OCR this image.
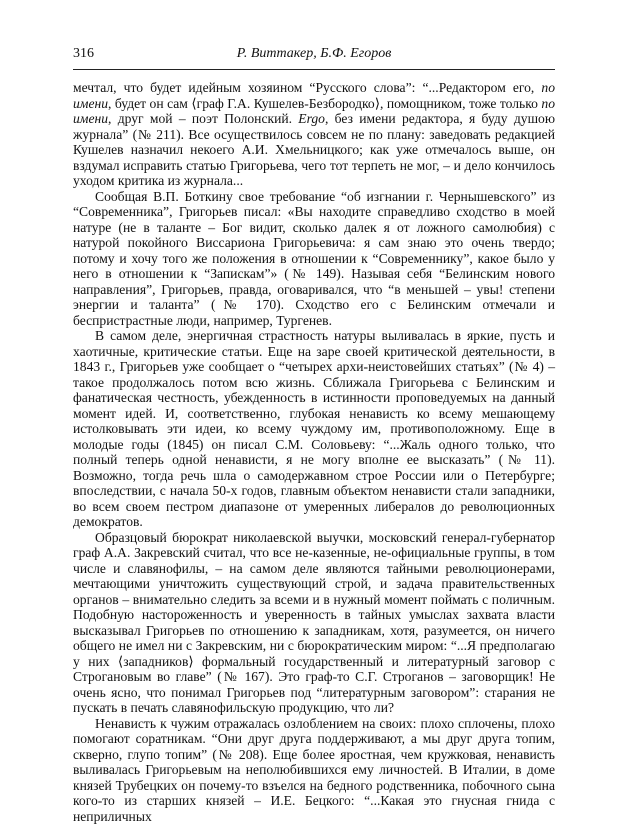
316	Р. Виттакер, Б.Ф. Егоров

мечтал, что будет идейным хозяином “Русского слова”: “...Редактором его, по имени, будет он сам ⟨граф Г.А. Кушелев-Безбородко⟩, помощником, тоже только по имени, друг мой – поэт Полонский. Ergo, без имени редактора, я буду душою журнала” (№ 211). Все осуществилось совсем не по плану: заведовать редакцией Кушелев назначил некоего А.И. Хмельницкого; как уже отмечалось выше, он вздумал исправить статью Григорьева, чего тот терпеть не мог, – и дело кончилось уходом критика из журнала...

Сообщая В.П. Боткину свое требование “об изгнании г. Чернышевского” из “Современника”, Григорьев писал: «Вы находите справедливо сходство в моей натуре (не в таланте – Бог видит, сколько далек я от ложного самолюбия) с натурой покойного Виссариона Григорьевича: я сам знаю это очень твердо; потому и хочу того же положения в отношении к “Современнику”, какое было у него в отношении к “Запискам”» (№ 149). Называя себя “Белинским нового направления”, Григорьев, правда, оговаривался, что “в меньшей – увы! степени энергии и таланта” (№ 170). Сходство его с Белинским отмечали и беспристрастные люди, например, Тургенев.

В самом деле, энергичная страстность натуры выливалась в яркие, пусть и хаотичные, критические статьи. Еще на заре своей критической деятельности, в 1843 г., Григорьев уже сообщает о “четырех архи-неистовейших статьях” (№ 4) – такое продолжалось потом всю жизнь. Сближала Григорьева с Белинским и фанатическая честность, убежденность в истинности проповедуемых на данный момент идей. И, соответственно, глубокая ненависть ко всему мешающему истолковывать эти идеи, ко всему чуждому им, противоположному. Еще в молодые годы (1845) он писал С.М. Соловьеву: “...Жаль одного только, что полный теперь одной ненависти, я не могу вполне ее высказать” (№ 11). Возможно, тогда речь шла о самодержавном строе России или о Петербурге; впоследствии, с начала 50-х годов, главным объектом ненависти стали западники, во всем своем пестром диапазоне от умеренных либералов до революционных демократов.

Образцовый бюрократ николаевской выучки, московский генерал-губернатор граф А.А. Закревский считал, что все не-казенные, не-официальные группы, в том числе и славянофилы, – на самом деле являются тайными революционерами, мечтающими уничтожить существующий строй, и задача правительственных органов – внимательно следить за всеми и в нужный момент поймать с поличным. Подобную настороженность и уверенность в тайных умыслах захвата власти высказывал Григорьев по отношению к западникам, хотя, разумеется, он ничего общего не имел ни с Закревским, ни с бюрократическим миром: “...Я предполагаю у них ⟨западников⟩ формальный государственный и литературный заговор с Строгановым во главе” (№ 167). Это граф-то С.Г. Строганов – заговорщик! Не очень ясно, что понимал Григорьев под “литературным заговором”: старания не пускать в печать славянофильскую продукцию, что ли?

Ненависть к чужим отражалась озлоблением на своих: плохо сплочены, плохо помогают соратникам. “Они друг друга поддерживают, а мы друг друга топим, скверно, глупо топим” (№ 208). Еще более яростная, чем кружковая, ненависть выливалась Григорьевым на неполюбившихся ему личностей. В Италии, в доме князей Трубецких он почему-то взъелся на бедного родственника, побочного сына кого-то из старших князей – И.Е. Бецкого: “...Какая это гнусная гнида с неприличных
